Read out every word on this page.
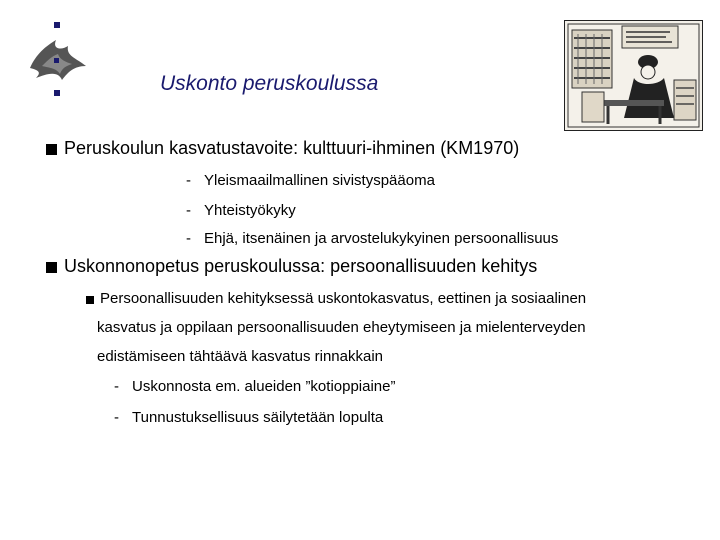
Uskonto peruskoulussa
Peruskoulun kasvatustavoite: kulttuuri-ihminen (KM1970)
- Yleismaailmallinen sivistyspääoma
- Yhteistyökyky
- Ehjä, itsenäinen ja arvostelukykyinen persoonallisuus
Uskonnonopetus peruskoulussa: persoonallisuuden kehitys
Persoonallisuuden kehityksessä uskontokasvatus, eettinen ja sosiaalinen
kasvatus ja oppilaan persoonallisuuden eheytymiseen ja mielenterveyden
edistämiseen tähtäävä kasvatus rinnakkain
- Uskonnosta em. alueiden ”kotioppiaine”
- Tunnustuksellisuus säilytetään lopulta
